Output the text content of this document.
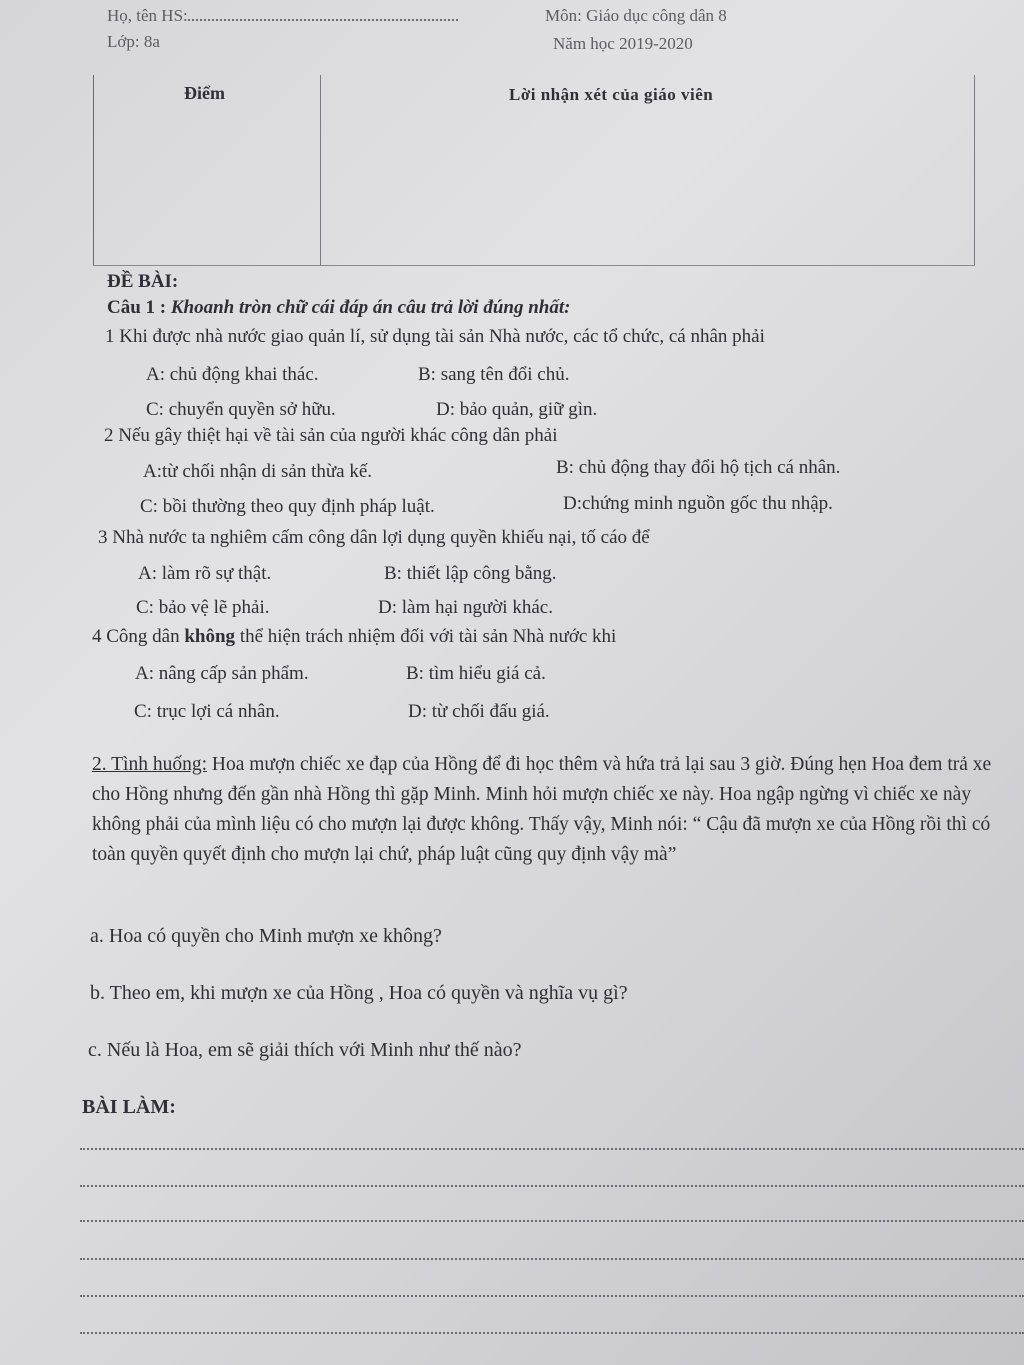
Họ, tên HS:
Lớp: 8a
Môn: Giáo dục công dân 8
Năm học 2019-2020
Điểm	Lời nhận xét của giáo viên
ĐỀ BÀI:
Câu 1 : Khoanh tròn chữ cái đáp án câu trả lời đúng nhất:
1 Khi được nhà nước giao quản lí, sử dụng tài sản Nhà nước, các tổ chức, cá nhân phải
A: chủ động khai thác.	B: sang tên đổi chủ.
C: chuyển quyền sở hữu.	D: bảo quản, giữ gìn.
2 Nếu gây thiệt hại về tài sản của người khác công dân phải
A:từ chối nhận di sản thừa kế.	B: chủ động thay đổi hộ tịch cá nhân.
C: bồi thường theo quy định pháp luật.	D:chứng minh nguồn gốc thu nhập.
3 Nhà nước ta nghiêm cấm công dân lợi dụng quyền khiếu nại, tố cáo để
A: làm rõ sự thật.	B: thiết lập công bằng.
C: bảo vệ lẽ phải.	D: làm hại người khác.
4 Công dân không thể hiện trách nhiệm đối với tài sản Nhà nước khi
A: nâng cấp sản phẩm.	B: tìm hiểu giá cả.
C: trục lợi cá nhân.	D: từ chối đấu giá.

2. Tình huống: Hoa mượn chiếc xe đạp của Hồng để đi học thêm và hứa trả lại sau 3 giờ. Đúng hẹn Hoa đem trả xe cho Hồng nhưng đến gần nhà Hồng thì gặp Minh. Minh hỏi mượn chiếc xe này. Hoa ngập ngừng vì chiếc xe này không phải của mình liệu có cho mượn lại được không. Thấy vậy, Minh nói: “ Cậu đã mượn xe của Hồng rồi thì có toàn quyền quyết định cho mượn lại chứ, pháp luật cũng quy định vậy mà”

a. Hoa có quyền cho Minh mượn xe không?
b. Theo em, khi mượn xe của Hồng , Hoa có quyền và nghĩa vụ gì?
c. Nếu là Hoa, em sẽ giải thích với Minh như thế nào?
BÀI LÀM:
